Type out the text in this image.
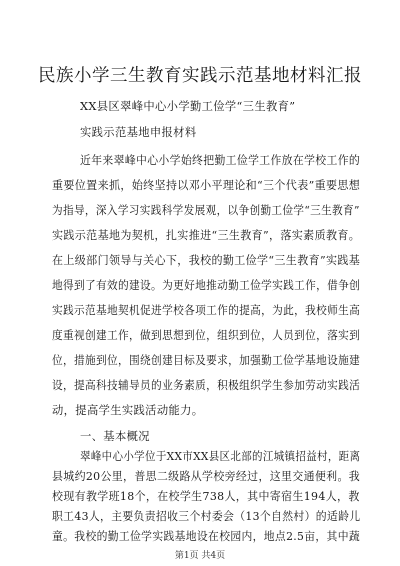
民族小学三生教育实践示范基地材料汇报
XX县区翠峰中心小学勤工俭学“三生教育”
实践示范基地申报材料
近年来翠峰中心小学始终把勤工俭学工作放在学校工作的
重要位置来抓，始终坚持以邓小平理论和“三个代表”重要思想
为指导，深入学习实践科学发展观，以争创勤工俭学“三生教育”
实践示范基地为契机，扎实推进“三生教育”，落实素质教育。
在上级部门领导与关心下，我校的勤工俭学“三生教育”实践基
地得到了有效的建设。为更好地推动勤工俭学实践工作，借争创
实践示范基地契机促进学校各项工作的提高，为此，我校师生高
度重视创建工作，做到思想到位，组织到位，人员到位，落实到
位，措施到位，围绕创建目标及要求，加强勤工俭学基地设施建
设，提高科技辅导员的业务素质，积极组织学生参加劳动实践活
动，提高学生实践活动能力。
一、基本概况
翠峰中心小学位于XX市XX县区北部的江城镇招益村，距离
县城约20公里，普思二级路从学校旁经过，这里交通便利。我
校现有教学班18个，在校学生738人，其中寄宿生194人，教
职工43人，主要负责招收三个村委会（13个自然村）的适龄儿
童。我校的勤工俭学实践基地设在校园内，地点2.5亩，其中蔬
第1页 共4页
